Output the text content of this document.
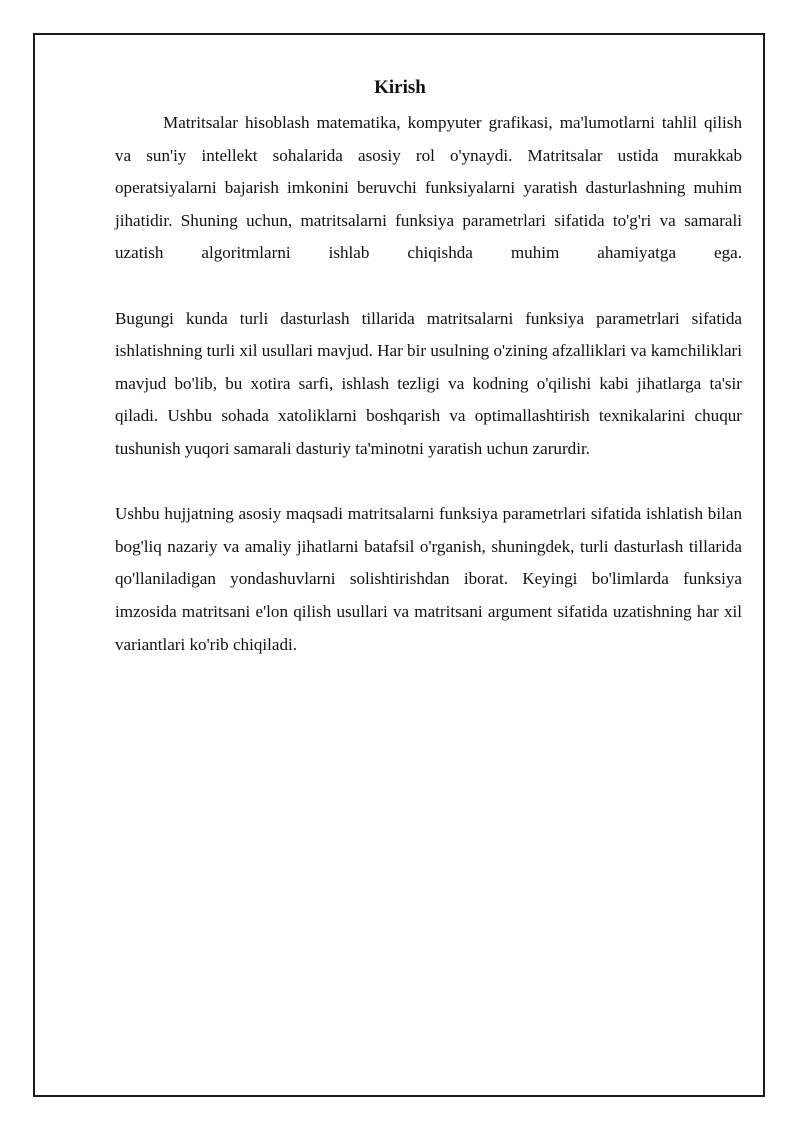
Kirish

Matritsalar hisoblash matematika, kompyuter grafikasi, ma'lumotlarni tahlil qilish va sun'iy intellekt sohalarida asosiy rol o'ynaydi. Matritsalar ustida murakkab operatsiyalarni bajarish imkonini beruvchi funksiyalarni yaratish dasturlashning muhim jihatidir. Shuning uchun, matritsalarni funksiya parametrlari sifatida to'g'ri va samarali uzatish algoritmlarni ishlab chiqishda muhim ahamiyatga ega.

Bugungi kunda turli dasturlash tillarida matritsalarni funksiya parametrlari sifatida ishlatishning turli xil usullari mavjud. Har bir usulning o'zining afzalliklari va kamchiliklari mavjud bo'lib, bu xotira sarfi, ishlash tezligi va kodning o'qilishi kabi jihatlarga ta'sir qiladi. Ushbu sohada xatoliklarni boshqarish va optimallashtirish texnikalarini chuqur tushunish yuqori samarali dasturiy ta'minotni yaratish uchun zarurdir.

Ushbu hujjatning asosiy maqsadi matritsalarni funksiya parametrlari sifatida ishlatish bilan bog'liq nazariy va amaliy jihatlarni batafsil o'rganish, shuningdek, turli dasturlash tillarida qo'llaniladigan yondashuvlarni solishtirishdan iborat. Keyingi bo'limlarda funksiya imzosida matritsani e'lon qilish usullari va matritsani argument sifatida uzatishning har xil variantlari ko'rib chiqiladi.
